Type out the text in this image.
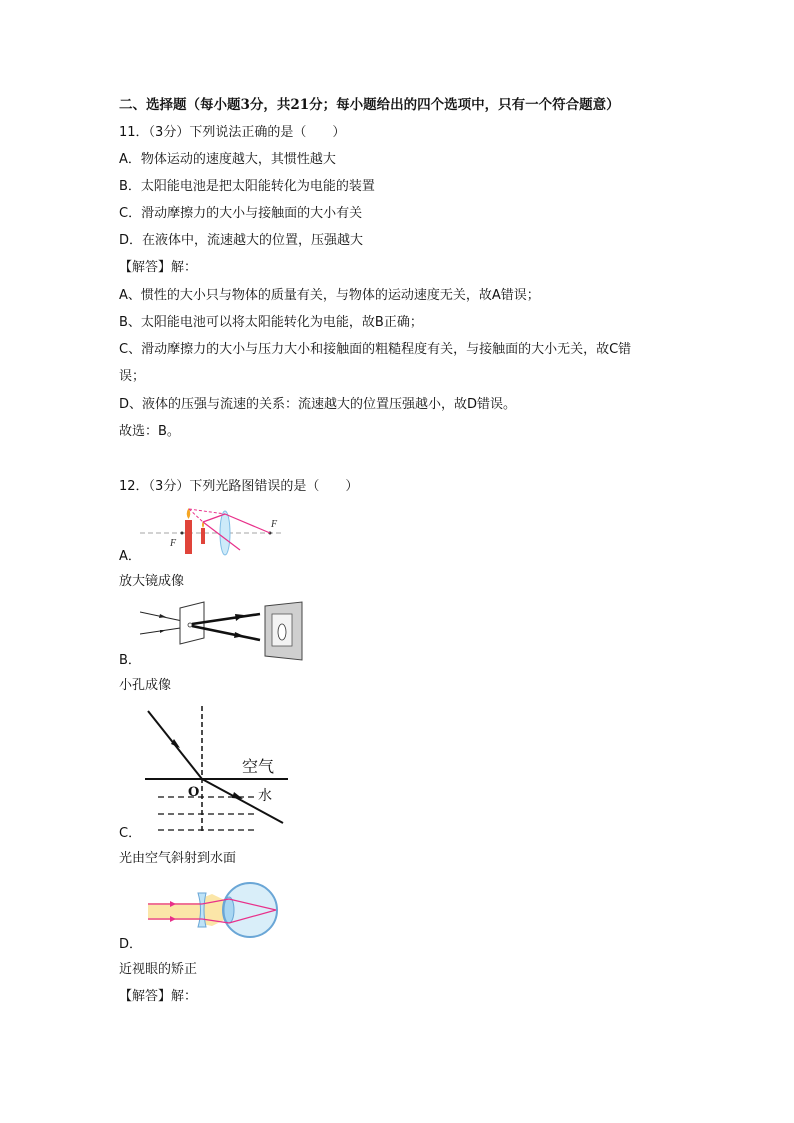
二、选择题（每小题3分，共21分；每小题给出的四个选项中，只有一个符合题意）
11．（3分）下列说法正确的是（　　）
A．物体运动的速度越大，其惯性越大
B．太阳能电池是把太阳能转化为电能的装置
C．滑动摩擦力的大小与接触面的大小有关
D．在液体中，流速越大的位置，压强越大
【解答】解：
A、惯性的大小只与物体的质量有关，与物体的运动速度无关，故A错误；
B、太阳能电池可以将太阳能转化为电能，故B正确；
C、滑动摩擦力的大小与压力大小和接触面的粗糙程度有关，与接触面的大小无关，故C错
误；
D、液体的压强与流速的关系：流速越大的位置压强越小，故D错误。
故选：B。
12．（3分）下列光路图错误的是（　　）
F
F
A．
放大镜成像
B．
小孔成像
空气
水
O
C．
光由空气斜射到水面
D．
近视眼的矫正
【解答】解：
